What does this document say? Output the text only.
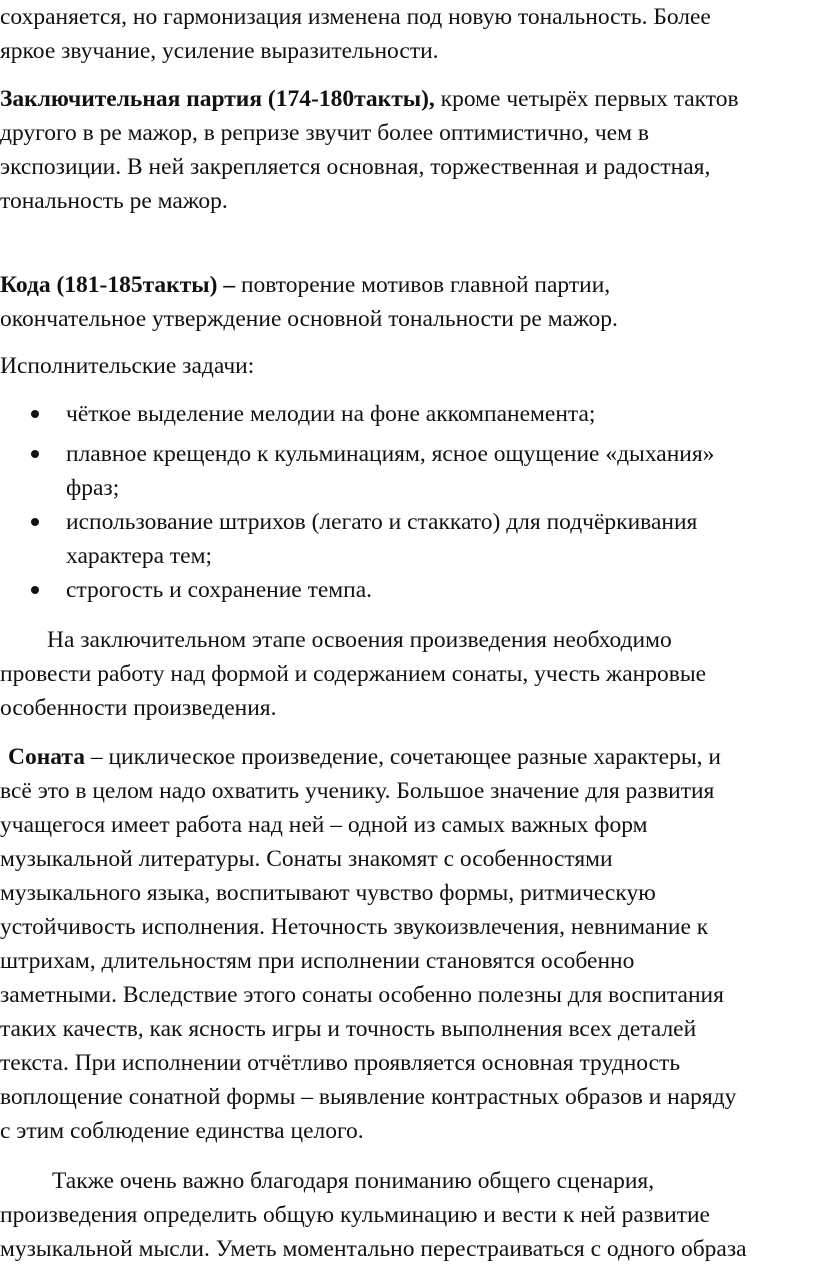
сохраняется, но гармонизация изменена под новую тональность. Более
яркое звучание, усиление выразительности.
Заключительная партия (174-180такты), кроме четырёх первых тактов
другого в ре мажор, в репризе звучит более оптимистично, чем в
экспозиции. В ней закрепляется основная, торжественная и радостная,
тональность ре мажор.
Кода (181-185такты) – повторение мотивов главной партии,
окончательное утверждение основной тональности ре мажор.
Исполнительские задачи:
чёткое выделение мелодии на фоне аккомпанемента;
плавное крещендо к кульминациям, ясное ощущение «дыхания»
фраз;
использование штрихов (легато и стаккато) для подчёркивания
характера тем;
строгость и сохранение темпа.
На заключительном этапе освоения произведения необходимо
провести работу над формой и содержанием сонаты, учесть жанровые
особенности произведения.
Соната – циклическое произведение, сочетающее разные характеры, и
всё это в целом надо охватить ученику. Большое значение для развития
учащегося имеет работа над ней – одной из самых важных форм
музыкальной литературы. Сонаты знакомят с особенностями
музыкального языка, воспитывают чувство формы, ритмическую
устойчивость исполнения. Неточность звукоизвлечения, невнимание к
штрихам, длительностям при исполнении становятся особенно
заметными. Вследствие этого сонаты особенно полезны для воспитания
таких качеств, как ясность игры и точность выполнения всех деталей
текста. При исполнении отчётливо проявляется основная трудность
воплощение сонатной формы – выявление контрастных образов и наряду
с этим соблюдение единства целого.
Также очень важно благодаря пониманию общего сценария,
произведения определить общую кульминацию и вести к ней развитие
музыкальной мысли. Уметь моментально перестраиваться с одного образа
